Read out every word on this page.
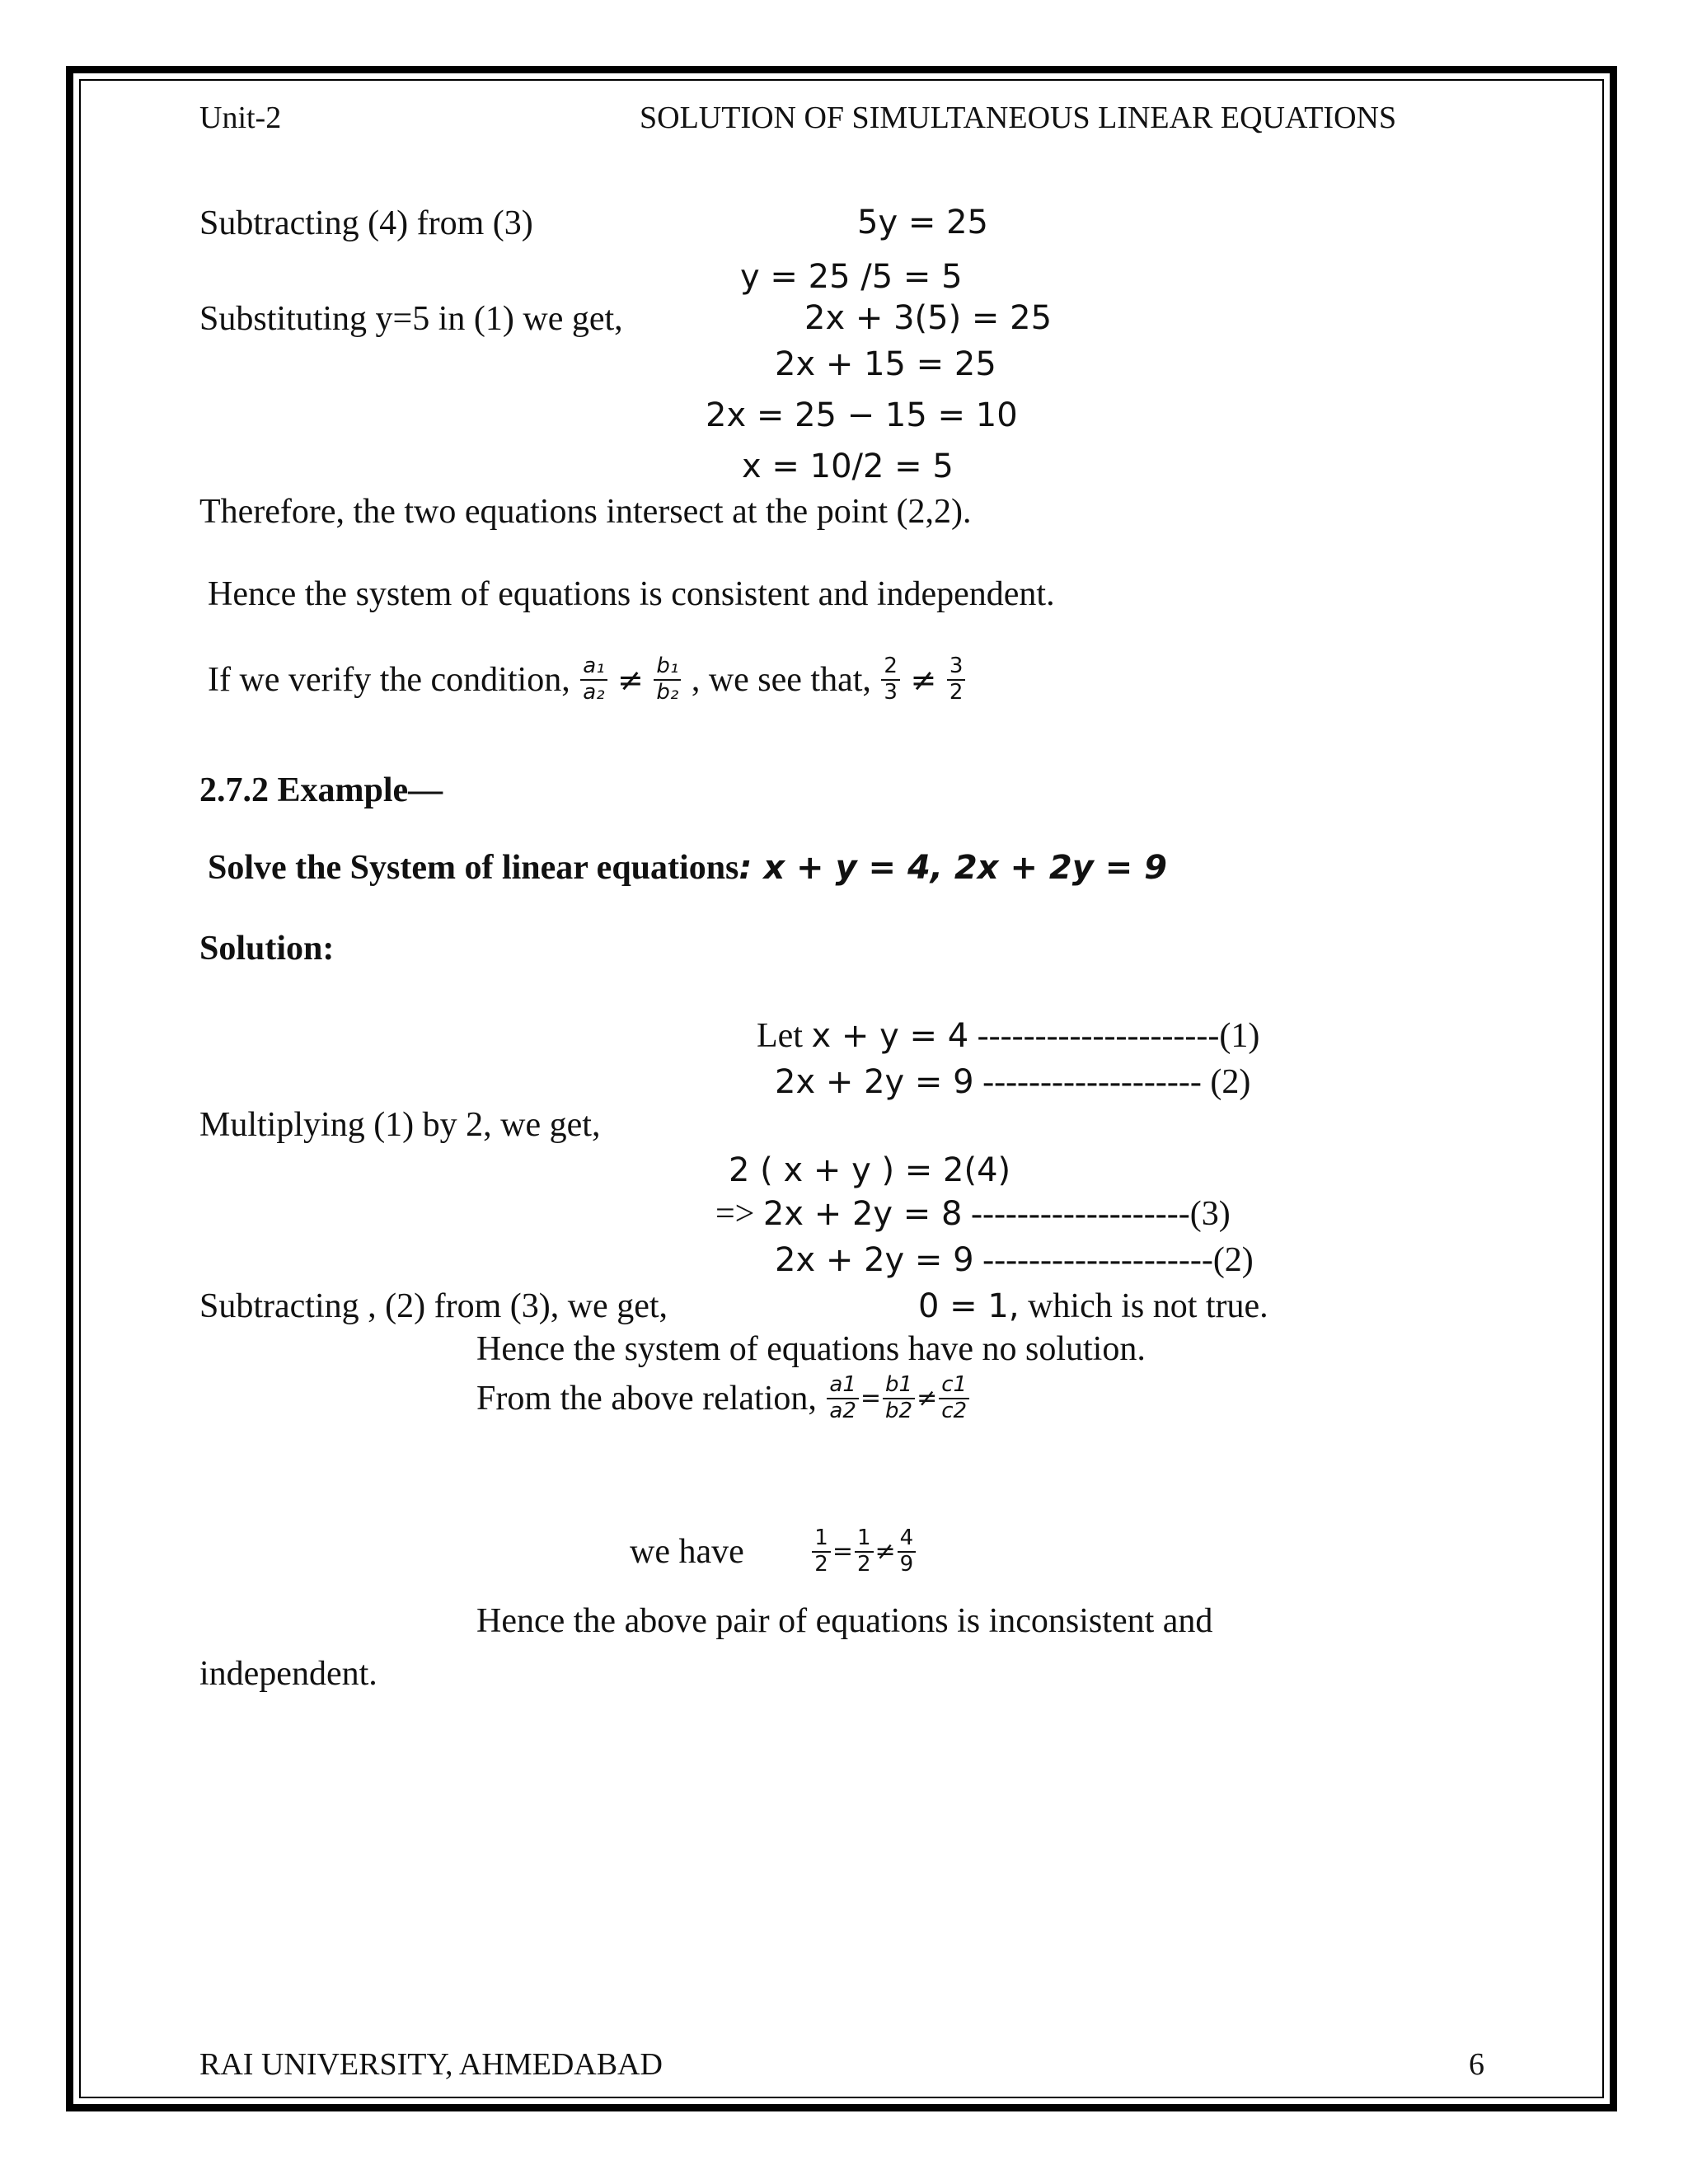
Unit-2	SOLUTION OF SIMULTANEOUS LINEAR EQUATIONS
Subtracting (4) from (3)	5y = 25
y = 25 /5 = 5
Substituting y=5 in (1) we get,	2x + 3(5) = 25
2x + 15 = 25
2x = 25 − 15 = 10
x = 10/2 = 5
Therefore, the two equations intersect at the point (2,2).
Hence the system of equations is consistent and independent.
If we verify the condition, $\frac{\text{a₁}}{\text{a₂}} \ne \frac{\text{b₁}}{\text{b₂}}$ , we see that, $\frac{2}{3} \ne \frac{3}{2}$
2.7.2 Example—
Solve the System of linear equations: x + y = 4, 2x + 2y = 9
Solution:
Let x + y = 4 ---------------------(1)
2x + 2y = 9 ------------------- (2)
Multiplying (1) by 2, we get,
2 ( x + y ) = 2(4)
=> 2x + 2y = 8 -------------------(3)
2x + 2y = 9 --------------------(2)
Subtracting , (2) from (3), we get,	0 = 1, which is not true.
Hence the system of equations have no solution.
From the above relation, $\frac{a1}{a2} = \frac{b1}{b2} \ne \frac{c1}{c2}$
we have	$\frac{1}{2} = \frac{1}{2} \ne \frac{4}{9}$
Hence the above pair of equations is inconsistent and
independent.
RAI UNIVERSITY, AHMEDABAD	6
